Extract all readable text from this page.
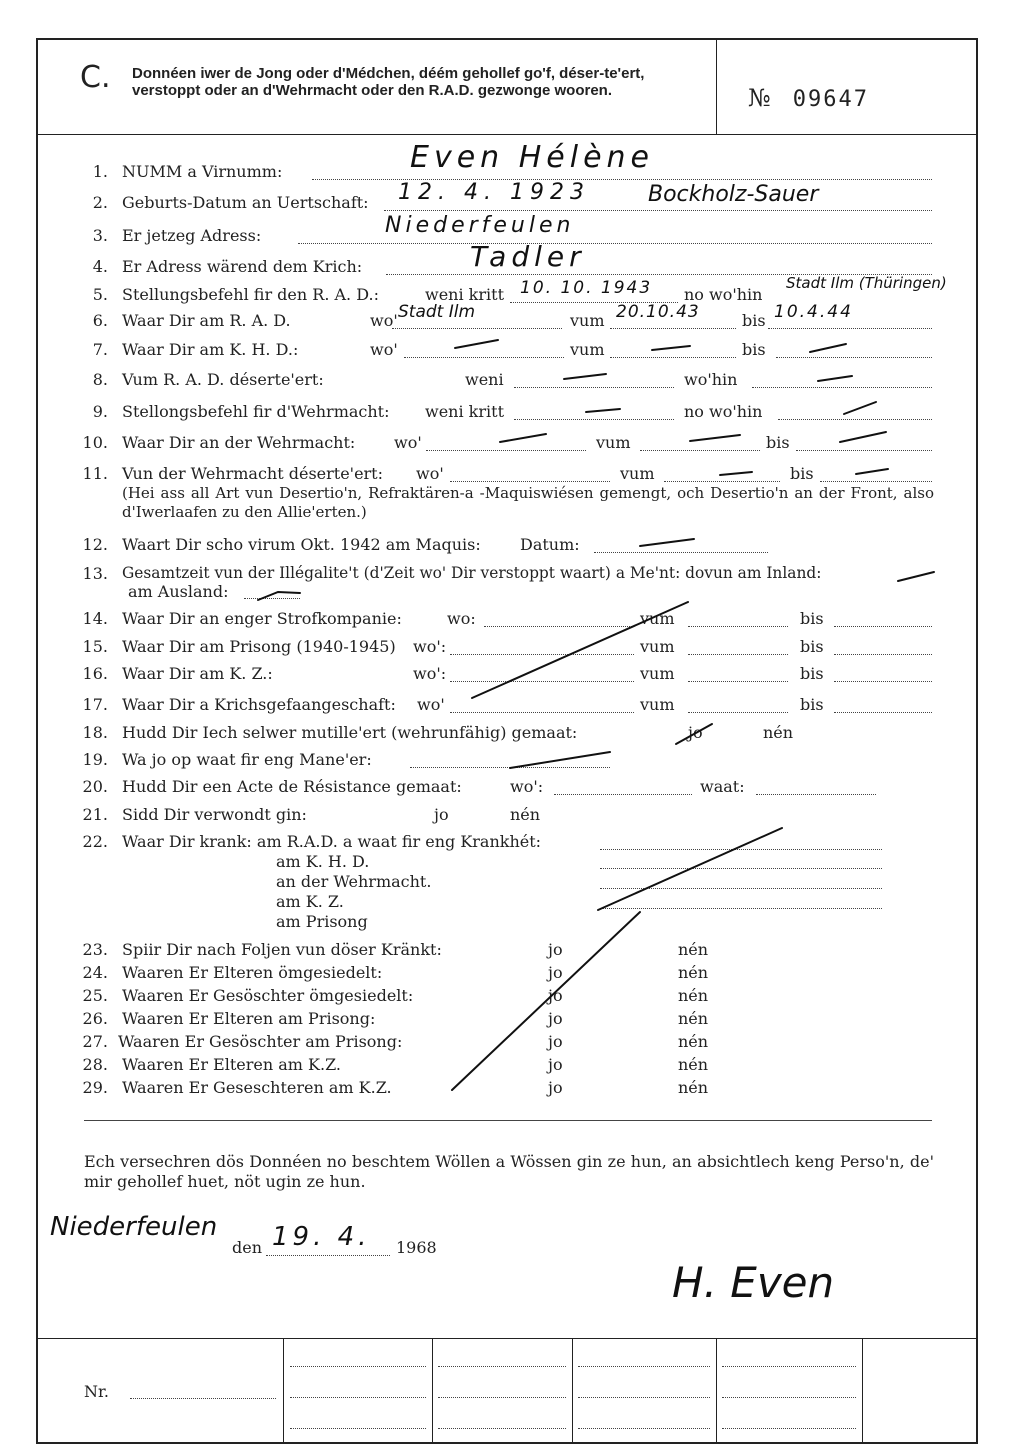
C. Donnéen iwer de Jong oder d'Médchen, déém gehollef go'f, déser-te'ert, verstoppt oder an d'Wehrmacht oder den R.A.D. gezwonge wooren.	№ 09647
1. NUMM a Virnumm:	Even Hélène
2. Geburts-Datum an Uertschaft: 12. 4. 1923	Bockholz-Sauer
3. Er jetzeg Adress:	Niederfeulen
4. Er Adress wärend dem Krich:	Tadler
5. Stellungsbefehl fir den R. A. D.:	weni kritt 10. 10. 1943 no wo'hin
Stadt Ilm (Thüringen)
6. Waar Dir am R. A. D.	wo' Stadt Ilm	vum 20.10.43	bis 10.4.44
7. Waar Dir am K. H. D.:	wo'	vum	bis
8. Vum R. A. D. déserte'ert:	weni	wo'hin
9. Stellongsbefehl fir d'Wehrmacht: weni kritt	no wo'hin
10. Waar Dir an der Wehrmacht: wo'	vum	bis
11. Vun der Wehrmacht déserte'ert: wo'	vum	bis
(Hei ass all Art vun Desertio'n, Refraktären-a -Maquiswiésen gemengt, och Desertio'n an der Front, also d'Iwerlaafen zu den Allie'erten.)
12. Waart Dir scho virum Okt. 1942 am Maquis: Datum:
13. Gesamtzeit vun der Illégalite't (d'Zeit wo' Dir verstoppt waart) a Me'nt: dovun am Inland:
am Ausland:
14. Waar Dir an enger Strofkompanie:	wo:	vum	bis
15. Waar Dir am Prisong (1940-1945) wo':	vum	bis
16. Waar Dir am K. Z.:	wo':	vum	bis
17. Waar Dir a Krichsgefaangeschaft: wo'	vum	bis
18. Hudd Dir Iech selwer mutille'ert (wehrunfähig) gemaat:	jo	nén
19. Wa jo op waat fir eng Mane'er:
20. Hudd Dir een Acte de Résistance gemaat:	wo':	waat:
21. Sidd Dir verwondt gin:	jo	nén
22. Waar Dir krank: am R.A.D. a waat fir eng Krankhét:
am K. H. D.
an der Wehrmacht.
am K. Z.
am Prisong
23. Spiir Dir nach Foljen vun döser Kränkt:	jo	nén
24. Waaren Er Elteren ömgesiedelt:	jo	nén
25. Waaren Er Gesöschter ömgesiedelt:	jo	nén
26. Waaren Er Elteren am Prisong:	jo	nén
27. Waaren Er Gesöschter am Prisong:	jo	nén
28. Waaren Er Elteren am K.Z.	jo	nén
29. Waaren Er Geseschteren am K.Z.	jo	nén
Ech versechren dös Donnéen no beschtem Wöllen a Wössen gin ze hun, an absichtlech keng Perso'n, de' mir gehollef huet, nöt ugin ze hun.
Niederfeulen
den 19. 4. 1968
H. Even
Nr.
